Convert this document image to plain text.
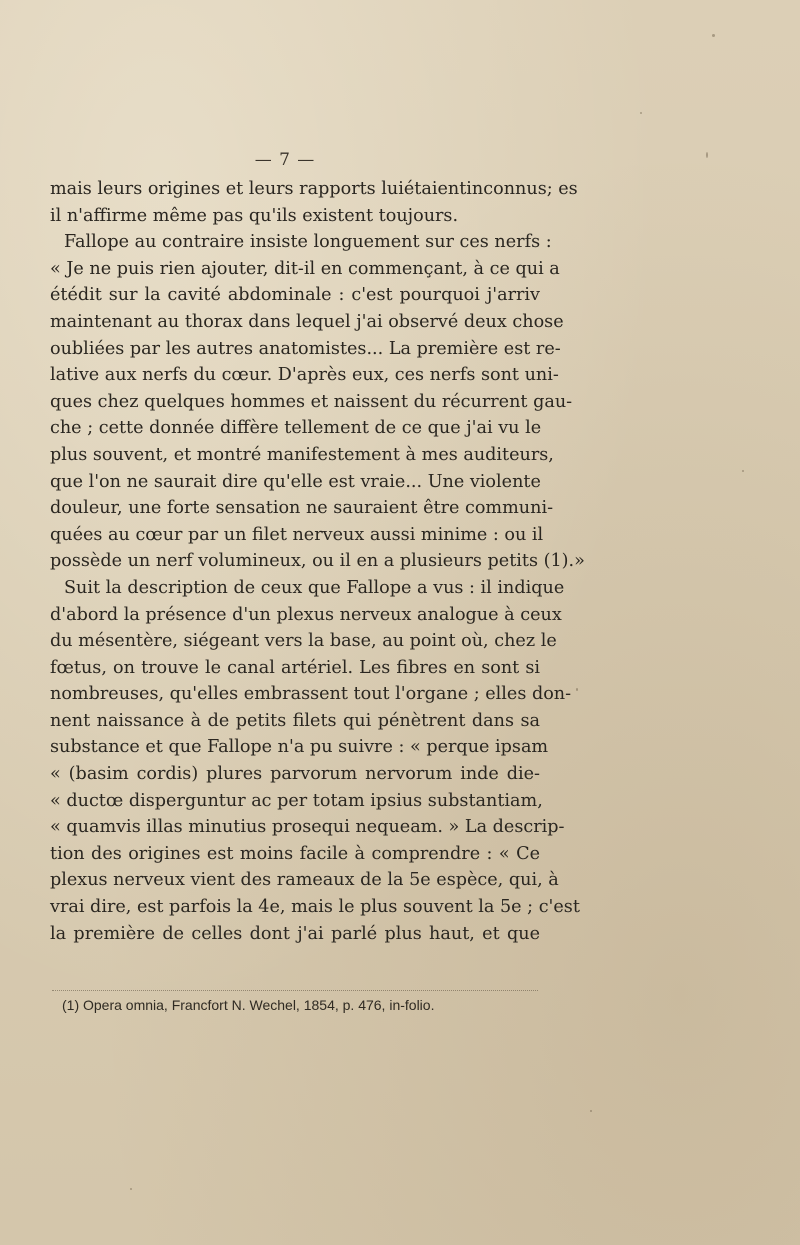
— 7 —
mais leurs origines et leurs rapports luiétaientinconnus; es
il n'affirme même pas qu'ils existent toujours.
Fallope au contraire insiste longuement sur ces nerfs :
« Je ne puis rien ajouter, dit-il en commençant, à ce qui a
étédit sur la cavité abdominale : c'est pourquoi j'arriv
maintenant au thorax dans lequel j'ai observé deux chose
oubliées par les autres anatomistes... La première est re-
lative aux nerfs du cœur. D'après eux, ces nerfs sont uni-
ques chez quelques hommes et naissent du récurrent gau-
che ; cette donnée diffère tellement de ce que j'ai vu le
plus souvent, et montré manifestement à mes auditeurs,
que l'on ne saurait dire qu'elle est vraie... Une violente
douleur, une forte sensation ne sauraient être communi-
quées au cœur par un filet nerveux aussi minime : ou il
possède un nerf volumineux, ou il en a plusieurs petits (1).»
Suit la description de ceux que Fallope a vus : il indique
d'abord la présence d'un plexus nerveux analogue à ceux
du mésentère, siégeant vers la base, au point où, chez le
fœtus, on trouve le canal artériel. Les fibres en sont si
nombreuses, qu'elles embrassent tout l'organe ; elles don-
nent naissance à de petits filets qui pénètrent dans sa
substance et que Fallope n'a pu suivre : « perque ipsam
« (basim cordis) plures parvorum nervorum inde die-
« ductœ disperguntur ac per totam ipsius substantiam,
« quamvis illas minutius prosequi nequeam. » La descrip-
tion des origines est moins facile à comprendre : « Ce
plexus nerveux vient des rameaux de la 5e espèce, qui, à
vrai dire, est parfois la 4e, mais le plus souvent la 5e ; c'est
la première de celles dont j'ai parlé plus haut, et que
(1) Opera omnia, Francfort N. Wechel, 1854, p. 476, in-folio.
